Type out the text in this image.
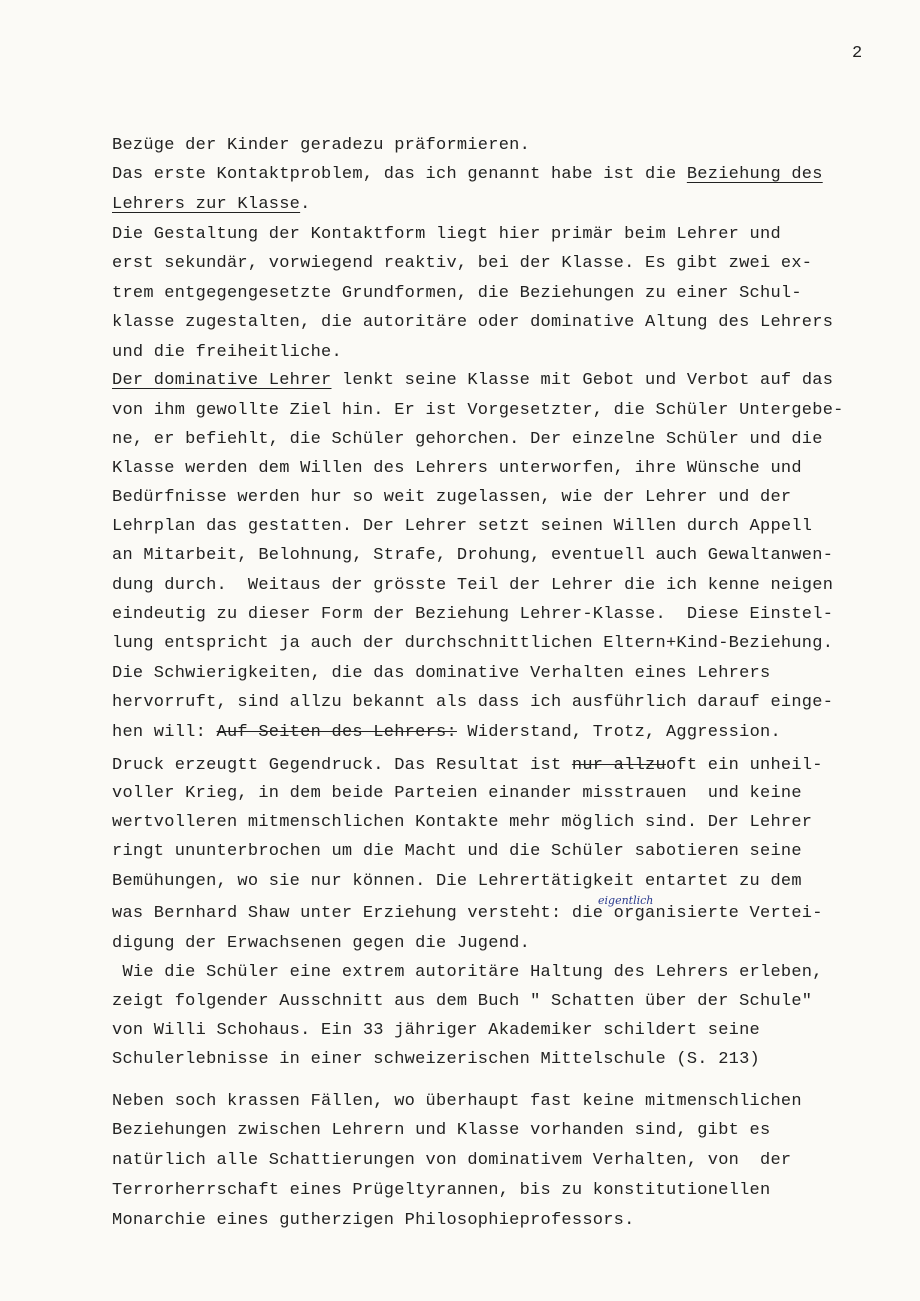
2
Bezüge der Kinder geradezu präformieren.
Das erste Kontaktproblem, das ich genannt habe ist die Beziehung des
Lehrers zur Klasse.
Die Gestaltung der Kontaktform liegt hier primär beim Lehrer und
erst sekundär, vorwiegend reaktiv, bei der Klasse. Es gibt zwei ex-
trem entgegengesetzte Grundformen, die Beziehungen zu einer Schul-
klasse zugestalten, die autoritäre oder dominative Altung des Lehrers
und die freiheitliche.
Der dominative Lehrer lenkt seine Klasse mit Gebot und Verbot auf das
von ihm gewollte Ziel hin. Er ist Vorgesetzter, die Schüler Untergebe-
ne, er befiehlt, die Schüler gehorchen. Der einzelne Schüler und die
Klasse werden dem Willen des Lehrers unterworfen, ihre Wünsche und
Bedürfnisse werden hur so weit zugelassen, wie der Lehrer und der
Lehrplan das gestatten. Der Lehrer setzt seinen Willen durch Appell
an Mitarbeit, Belohnung, Strafe, Drohung, eventuell auch Gewaltanwen-
dung durch.  Weitaus der grösste Teil der Lehrer die ich kenne neigen
eindeutig zu dieser Form der Beziehung Lehrer-Klasse.  Diese Einstel-
lung entspricht ja auch der durchschnittlichen Eltern+Kind-Beziehung.
Die Schwierigkeiten, die das dominative Verhalten eines Lehrers
hervorruft, sind allzu bekannt als dass ich ausführlich darauf einge-
hen will: Auf Seiten des Lehrers: Widerstand, Trotz, Aggression.
Druck erzeugtt Gegendruck. Das Resultat ist nur allzuoft ein unheil-
voller Krieg, in dem beide Parteien einander misstrauen  und keine
wertvolleren mitmenschlichen Kontakte mehr möglich sind. Der Lehrer
ringt ununterbrochen um die Macht und die Schüler sabotieren seine
Bemühungen, wo sie nur können. Die Lehrertätigkeit entartet zu dem
was Bernhard Shaw unter Erziehung versteht: die organisierte Vertei-
digung der Erwachsenen gegen die Jugend.
Wie die Schüler eine extrem autoritäre Haltung des Lehrers erleben,
zeigt folgender Ausschnitt aus dem Buch " Schatten über der Schule"
von Willi Schohaus. Ein 33 jähriger Akademiker schildert seine
Schulerlebnisse in einer schweizerischen Mittelschule (S. 213)
Neben soch krassen Fällen, wo überhaupt fast keine mitmenschlichen
Beziehungen zwischen Lehrern und Klasse vorhanden sind, gibt es
natürlich alle Schattierungen von dominativem Verhalten, von  der
Terrorherrschaft eines Prügeltyrannen, bis zu konstitutionellen
Monarchie eines gutherzigen Philosophieprofessors.
eigentlich
